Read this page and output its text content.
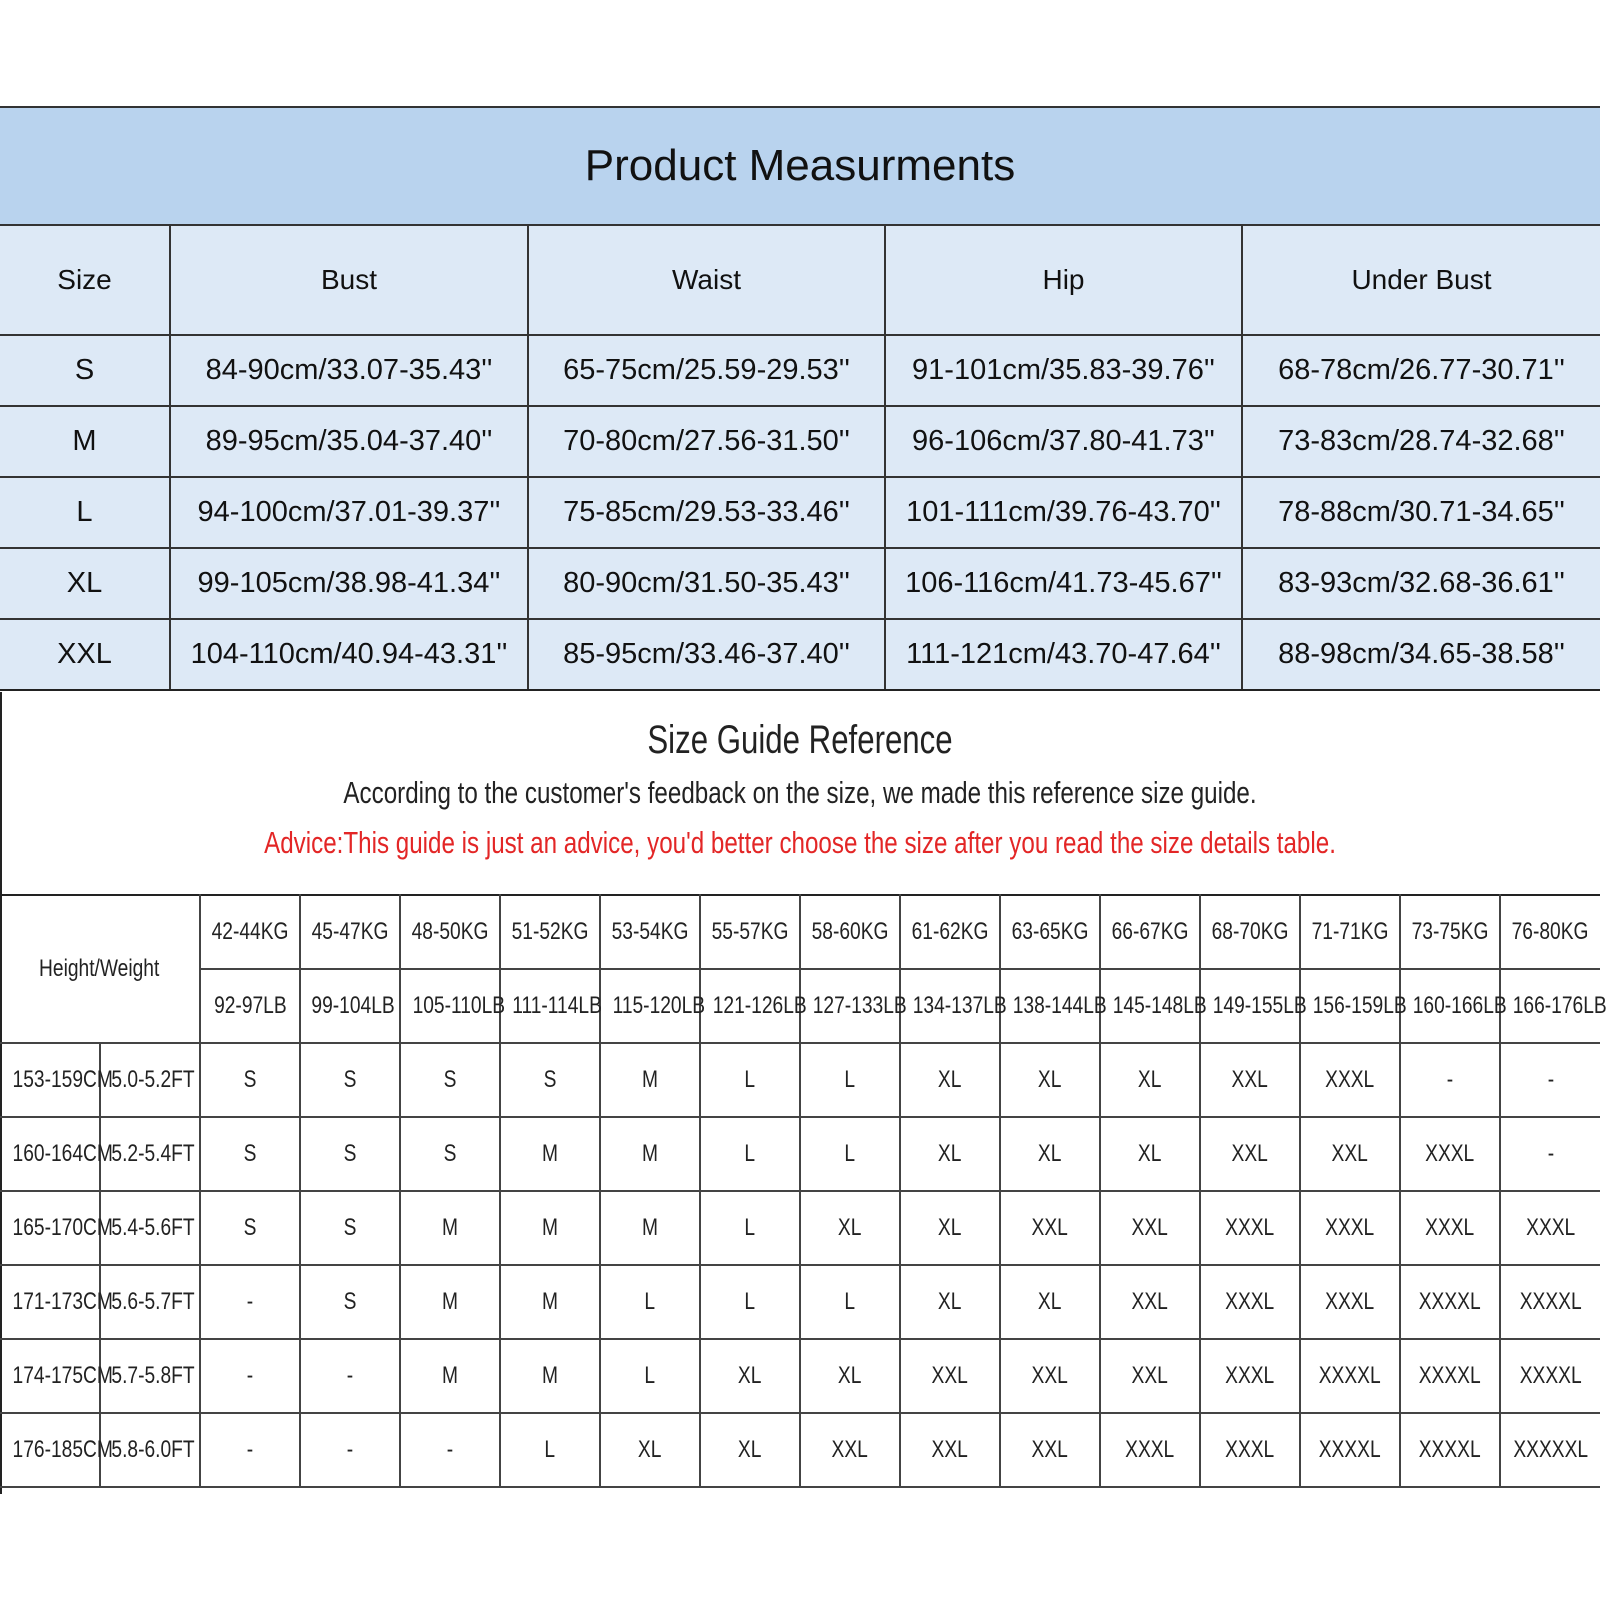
Product Measurments
Size	Bust	Waist	Hip	Under Bust
S	84-90cm/33.07-35.43''	65-75cm/25.59-29.53''	91-101cm/35.83-39.76''	68-78cm/26.77-30.71''
M	89-95cm/35.04-37.40''	70-80cm/27.56-31.50''	96-106cm/37.80-41.73''	73-83cm/28.74-32.68''
L	94-100cm/37.01-39.37''	75-85cm/29.53-33.46''	101-111cm/39.76-43.70''	78-88cm/30.71-34.65''
XL	99-105cm/38.98-41.34''	80-90cm/31.50-35.43''	106-116cm/41.73-45.67''	83-93cm/32.68-36.61''
XXL	104-110cm/40.94-43.31''	85-95cm/33.46-37.40''	111-121cm/43.70-47.64''	88-98cm/34.65-38.58''
Size Guide Reference
According to the customer's feedback on the size, we made this reference size guide.
Advice:This guide is just an advice, you'd better choose the size after you read the size details table.
Height/Weight		42-44KG	45-47KG	48-50KG	51-52KG	53-54KG	55-57KG	58-60KG	61-62KG	63-65KG	66-67KG	68-70KG	71-71KG	73-75KG	76-80KG
		92-97LB	99-104LB	105-110LB	111-114LB	115-120LB	121-126LB	127-133LB	134-137LB	138-144LB	145-148LB	149-155LB	156-159LB	160-166LB	166-176LB
153-159CM	5.0-5.2FT	S	S	S	S	M	L	L	XL	XL	XL	XXL	XXXL	-	-
160-164CM	5.2-5.4FT	S	S	S	M	M	L	L	XL	XL	XL	XXL	XXL	XXXL	-
165-170CM	5.4-5.6FT	S	S	M	M	M	L	XL	XL	XXL	XXL	XXXL	XXXL	XXXL	XXXL
171-173CM	5.6-5.7FT	-	S	M	M	L	L	L	XL	XL	XXL	XXXL	XXXL	XXXXL	XXXXL
174-175CM	5.7-5.8FT	-	-	M	M	L	XL	XL	XXL	XXL	XXL	XXXL	XXXXL	XXXXL	XXXXL
176-185CM	5.8-6.0FT	-	-	-	L	XL	XL	XXL	XXL	XXL	XXXL	XXXL	XXXXL	XXXXL	XXXXXL
